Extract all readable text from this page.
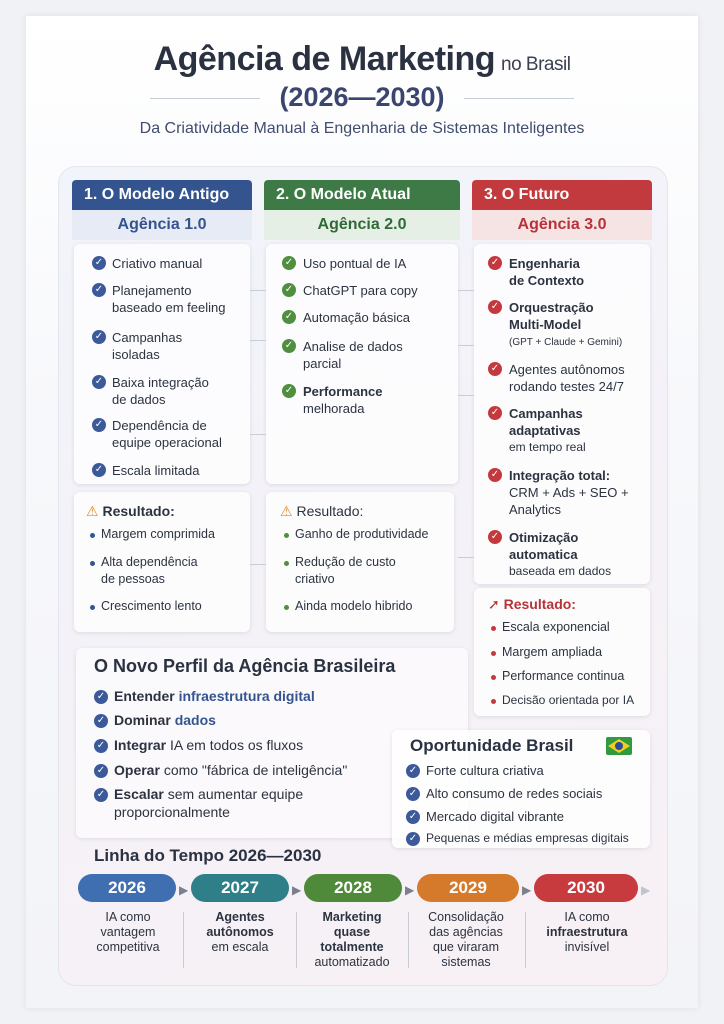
Agência de Marketing no Brasil
(2026—2030)
Da Criatividade Manual à Engenharia de Sistemas Inteligentes
1. O Modelo Antigo
Agência 1.0
2. O Modelo Atual
Agência 2.0
3. O Futuro
Agência 3.0
✓ Criativo manual
✓ Planejamento
baseado em feeling
✓ Campanhas
isoladas
✓ Baixa integração
de dados
✓ Dependência de
equipe operacional
✓ Escala limitada
⚠ Resultado:
Margem comprimida
Alta dependência
de pessoas
Crescimento lento
✓ Uso pontual de IA
✓ ChatGPT para copy
✓ Automação básica
✓ Analise de dados
parcial
✓ Performance
melhorada
⚠ Resultado:
Ganho de produtividade
Redução de custo
criativo
Ainda modelo hibrido
✓ Engenharia
de Contexto
✓ Orquestração
Multi-Model
(GPT + Claude + Gemini)
✓ Agentes autônomos
rodando testes 24/7
✓ Campanhas
adaptativas
em tempo real
✓ Integração total:
CRM + Ads + SEO +
Analytics
✓ Otimização
automatica
baseada em dados
➚ Resultado:
Escala exponencial
Margem ampliada
Performance continua
Decisão orientada por IA
O Novo Perfil da Agência Brasileira
✓ Entender infraestrutura digital
✓ Dominar dados
✓ Integrar IA em todos os fluxos
✓ Operar como "fábrica de inteligência"
✓ Escalar sem aumentar equipe
proporcionalmente
Oportunidade Brasil
✓ Forte cultura criativa
✓ Alto consumo de redes sociais
✓ Mercado digital vibrante
✓ Pequenas e médias empresas digitais
Linha do Tempo 2026—2030
2026	▶	2027	▶	2028	▶	2029	▶	2030	▶
IA como
vantagem
competitiva
Agentes
autônomos
em escala
Marketing
quase
totalmente
automatizado
Consolidação
das agências
que viraram
sistemas
IA como
infraestrutura
invisível
